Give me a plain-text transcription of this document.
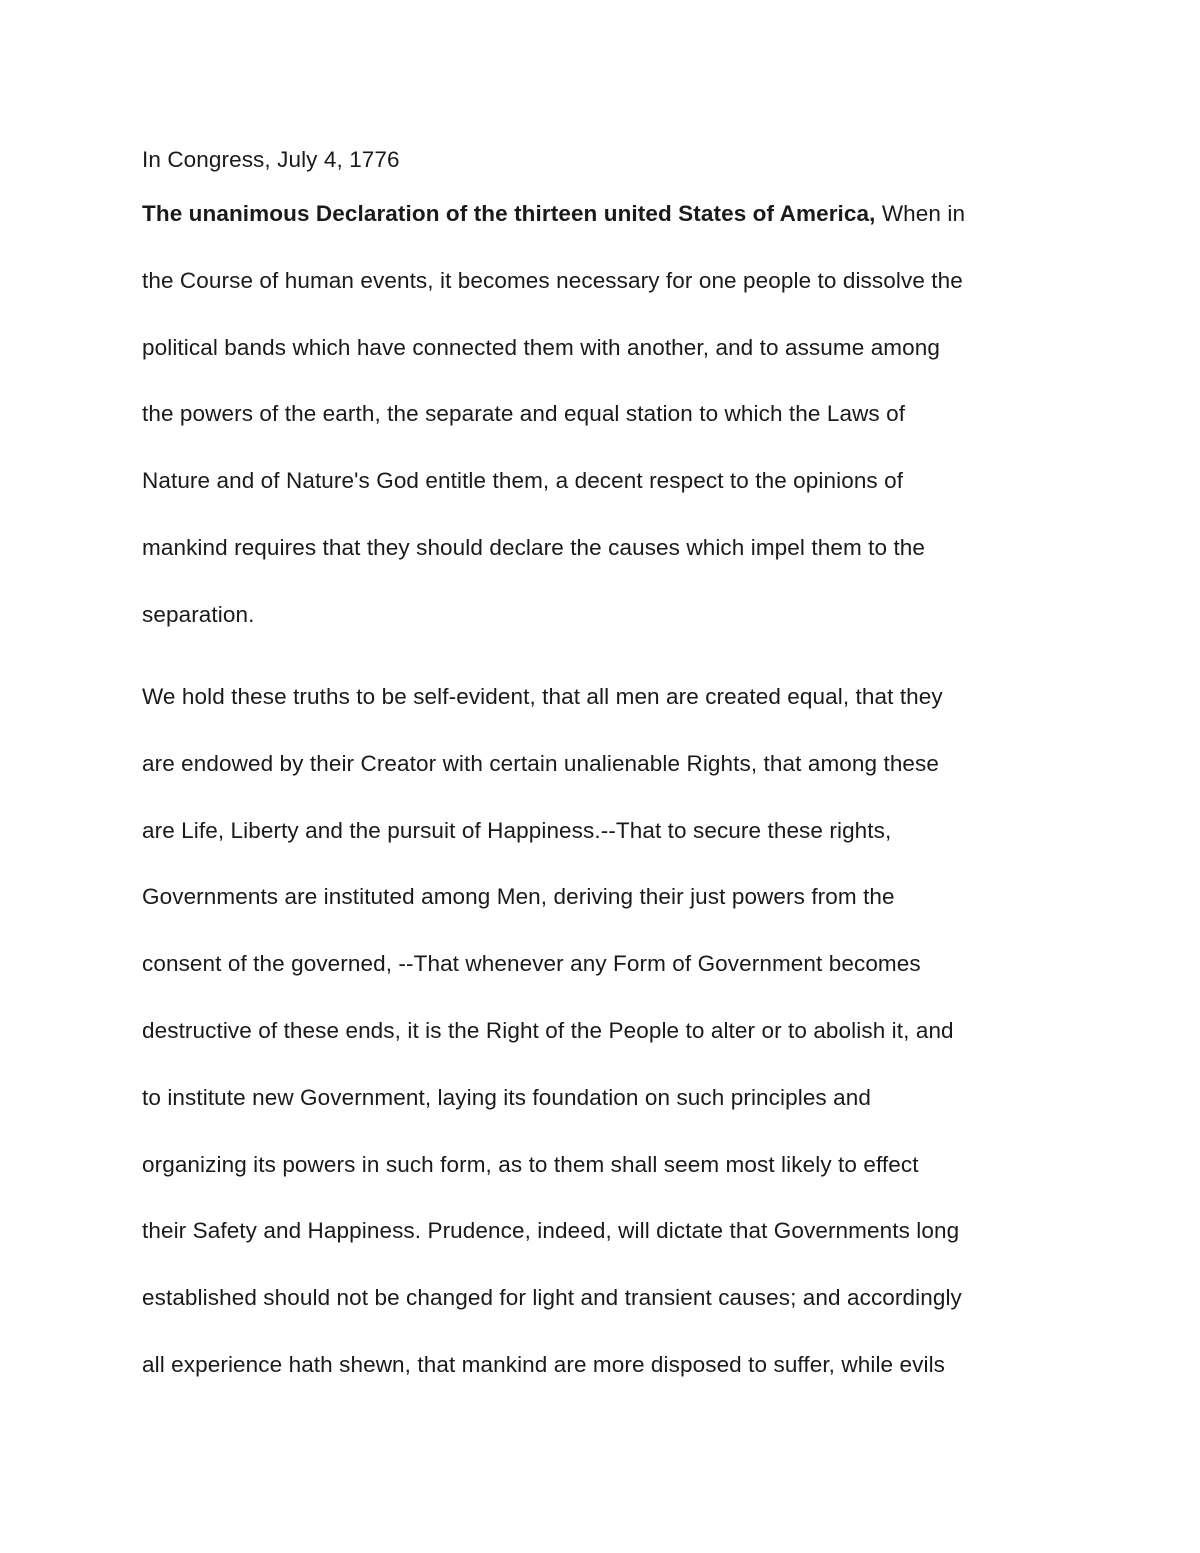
In Congress, July 4, 1776
The unanimous Declaration of the thirteen united States of America, When in
the Course of human events, it becomes necessary for one people to dissolve the
political bands which have connected them with another, and to assume among
the powers of the earth, the separate and equal station to which the Laws of
Nature and of Nature's God entitle them, a decent respect to the opinions of
mankind requires that they should declare the causes which impel them to the
separation.
We hold these truths to be self-evident, that all men are created equal, that they
are endowed by their Creator with certain unalienable Rights, that among these
are Life, Liberty and the pursuit of Happiness.--That to secure these rights,
Governments are instituted among Men, deriving their just powers from the
consent of the governed, --That whenever any Form of Government becomes
destructive of these ends, it is the Right of the People to alter or to abolish it, and
to institute new Government, laying its foundation on such principles and
organizing its powers in such form, as to them shall seem most likely to effect
their Safety and Happiness. Prudence, indeed, will dictate that Governments long
established should not be changed for light and transient causes; and accordingly
all experience hath shewn, that mankind are more disposed to suffer, while evils
